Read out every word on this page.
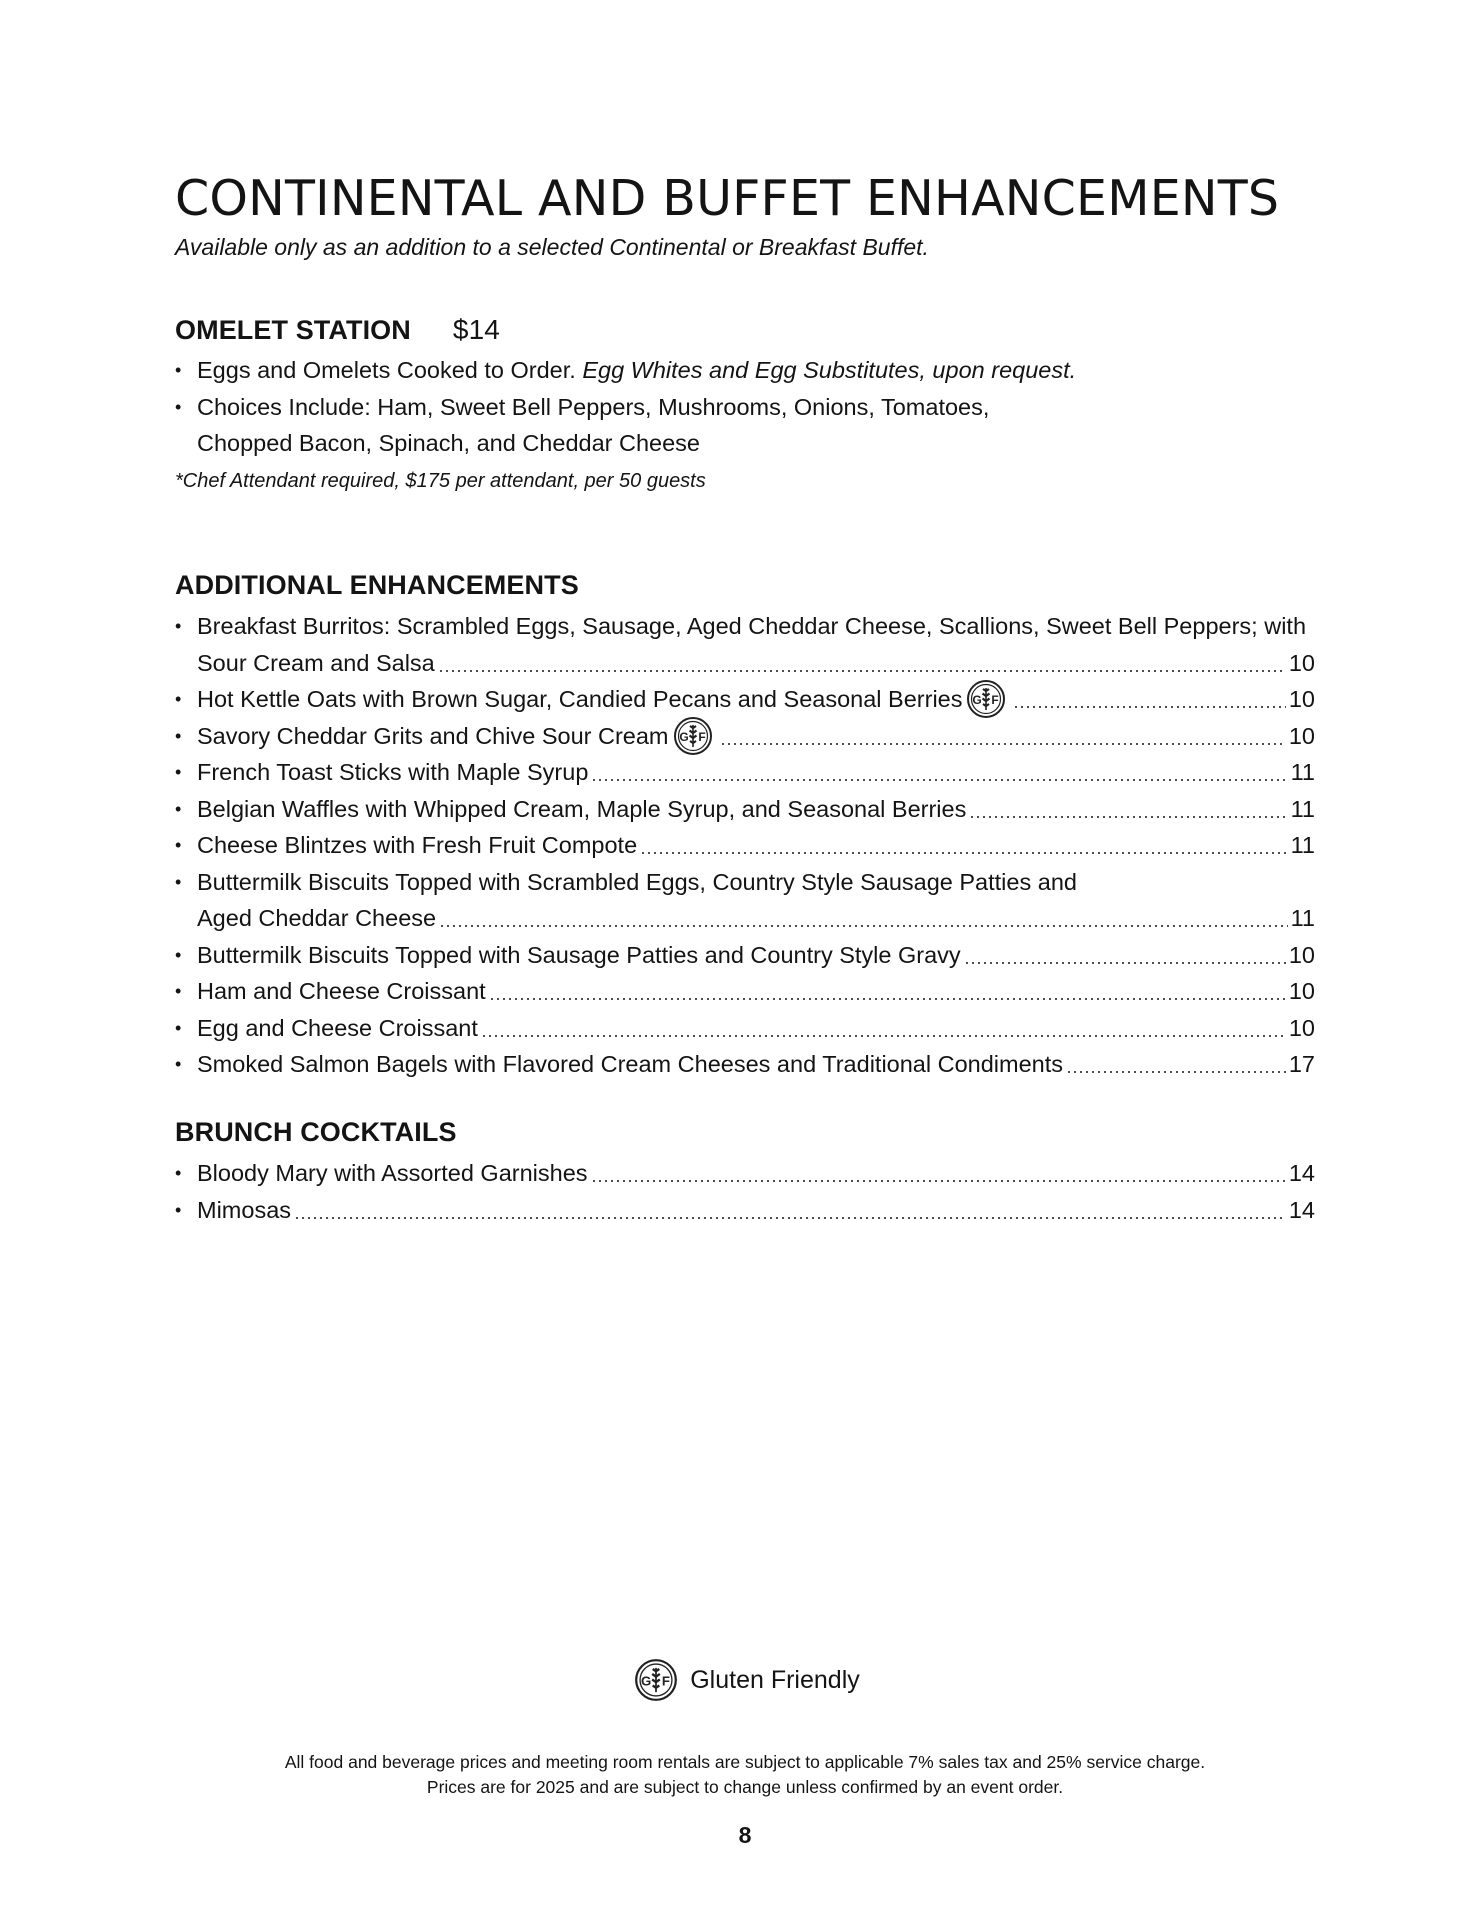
CONTINENTAL AND BUFFET ENHANCEMENTS
Available only as an addition to a selected Continental or Breakfast Buffet.
OMELET STATION $14
• Eggs and Omelets Cooked to Order.
Egg Whites and Egg Substitutes, upon request.
• Choices Include: Ham, Sweet Bell Peppers, Mushrooms, Onions, Tomatoes,
Chopped Bacon, Spinach, and Cheddar Cheese
*Chef Attendant required, $175 per attendant, per 50 guests
ADDITIONAL ENHANCEMENTS
• Breakfast Burritos: Scrambled Eggs, Sausage, Aged Cheddar Cheese, Scallions, Sweet Bell Peppers; with
Sour Cream and Salsa	10
• Hot Kettle Oats with Brown Sugar, Candied Pecans and Seasonal Berries G F	10
• Savory Cheddar Grits and Chive Sour Cream G F	10
• French Toast Sticks with Maple Syrup	11
• Belgian Waffles with Whipped Cream, Maple Syrup, and Seasonal Berries	11
• Cheese Blintzes with Fresh Fruit Compote	11
• Buttermilk Biscuits Topped with Scrambled Eggs, Country Style Sausage Patties and
Aged Cheddar Cheese	11
• Buttermilk Biscuits Topped with Sausage Patties and Country Style Gravy	10
• Ham and Cheese Croissant	10
• Egg and Cheese Croissant	10
• Smoked Salmon Bagels with Flavored Cream Cheeses and Traditional Condiments	17
BRUNCH COCKTAILS
• Bloody Mary with Assorted Garnishes	14
• Mimosas	14
G F Gluten Friendly
All food and beverage prices and meeting room rentals are subject to applicable 7% sales tax and 25% service charge.
Prices are for 2025 and are subject to change unless confirmed by an event order.
8
